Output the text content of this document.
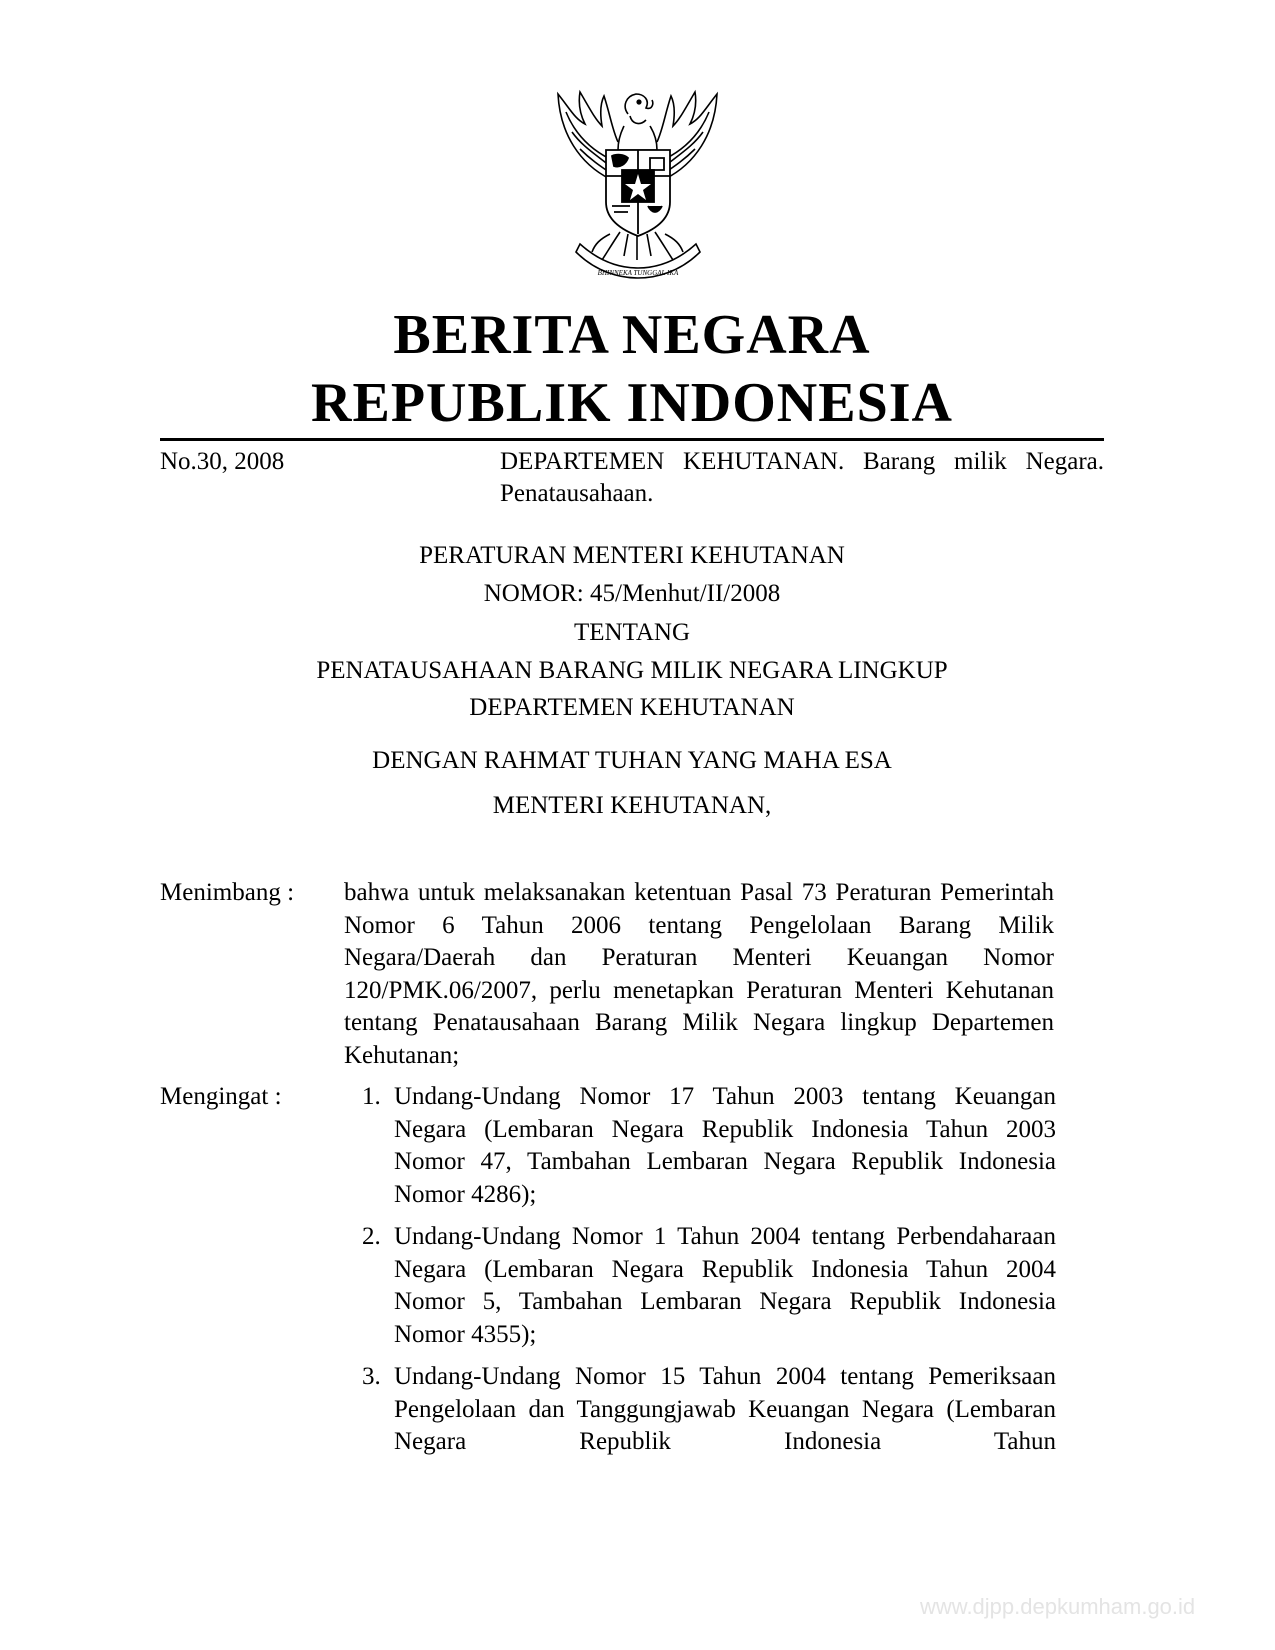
BHINNEKA TUNGGAL IKA
BERITA NEGARA
REPUBLIK INDONESIA
No.30, 2008	DEPARTEMEN KEHUTANAN. Barang milik Negara. Penatausahaan.
PERATURAN MENTERI KEHUTANAN
NOMOR: 45/Menhut/II/2008
TENTANG
PENATAUSAHAAN BARANG MILIK NEGARA LINGKUP
DEPARTEMEN KEHUTANAN
DENGAN RAHMAT TUHAN YANG MAHA ESA
MENTERI KEHUTANAN,
Menimbang : bahwa untuk melaksanakan ketentuan Pasal 73 Peraturan Pemerintah Nomor 6 Tahun 2006 tentang Pengelolaan Barang Milik Negara/Daerah dan Peraturan Menteri Keuangan Nomor 120/PMK.06/2007, perlu menetapkan Peraturan Menteri Kehutanan tentang Penatausahaan Barang Milik Negara lingkup Departemen Kehutanan;
Mengingat :	1. Undang-Undang Nomor 17 Tahun 2003 tentang Keuangan Negara (Lembaran Negara Republik Indonesia Tahun 2003 Nomor 47, Tambahan Lembaran Negara Republik Indonesia Nomor 4286);
2. Undang-Undang Nomor 1 Tahun 2004 tentang Perbendaharaan Negara (Lembaran Negara Republik Indonesia Tahun 2004 Nomor 5, Tambahan Lembaran Negara Republik Indonesia Nomor 4355);
3. Undang-Undang Nomor 15 Tahun 2004 tentang Pemeriksaan Pengelolaan dan Tanggungjawab Keuangan Negara (Lembaran Negara Republik Indonesia Tahun
www.djpp.depkumham.go.id
